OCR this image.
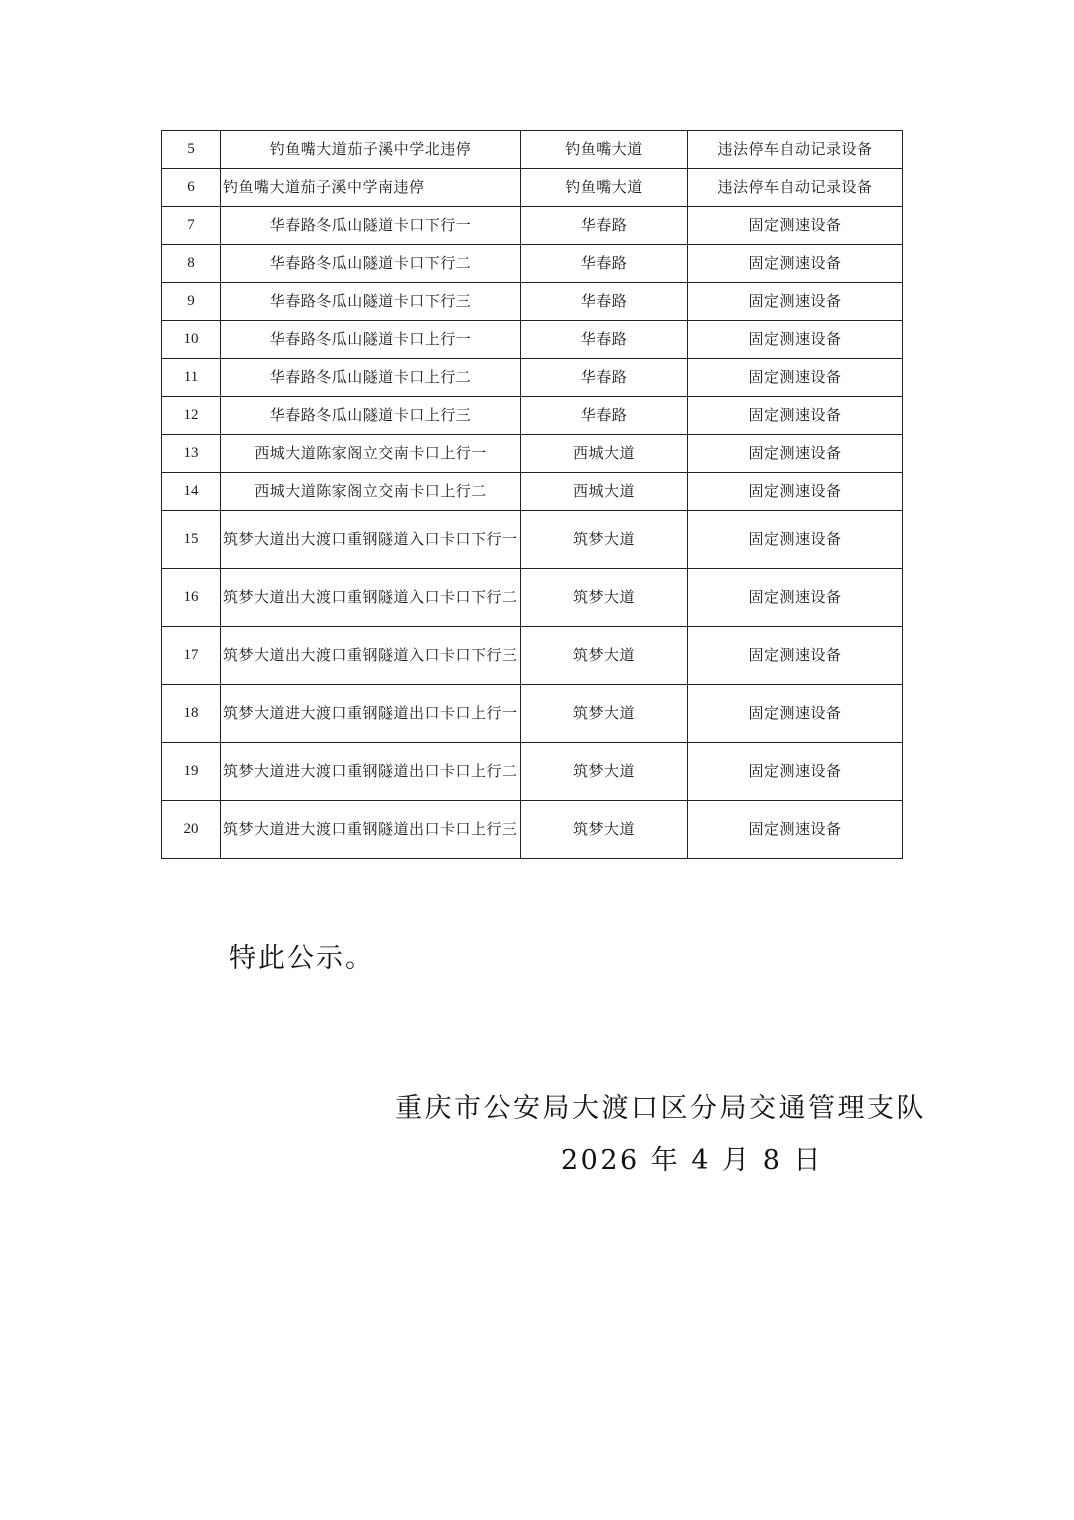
5	钓鱼嘴大道茄子溪中学北违停	钓鱼嘴大道	违法停车自动记录设备
6	钓鱼嘴大道茄子溪中学南违停	钓鱼嘴大道	违法停车自动记录设备
7	华春路冬瓜山隧道卡口下行一	华春路	固定测速设备
8	华春路冬瓜山隧道卡口下行二	华春路	固定测速设备
9	华春路冬瓜山隧道卡口下行三	华春路	固定测速设备
10	华春路冬瓜山隧道卡口上行一	华春路	固定测速设备
11	华春路冬瓜山隧道卡口上行二	华春路	固定测速设备
12	华春路冬瓜山隧道卡口上行三	华春路	固定测速设备
13	西城大道陈家阁立交南卡口上行一	西城大道	固定测速设备
14	西城大道陈家阁立交南卡口上行二	西城大道	固定测速设备
15	筑梦大道出大渡口重钢隧道入口卡口下行一	筑梦大道	固定测速设备
16	筑梦大道出大渡口重钢隧道入口卡口下行二	筑梦大道	固定测速设备
17	筑梦大道出大渡口重钢隧道入口卡口下行三	筑梦大道	固定测速设备
18	筑梦大道进大渡口重钢隧道出口卡口上行一	筑梦大道	固定测速设备
19	筑梦大道进大渡口重钢隧道出口卡口上行二	筑梦大道	固定测速设备
20	筑梦大道进大渡口重钢隧道出口卡口上行三	筑梦大道	固定测速设备
特此公示。
重庆市公安局大渡口区分局交通管理支队
2026 年 4 月 8 日
